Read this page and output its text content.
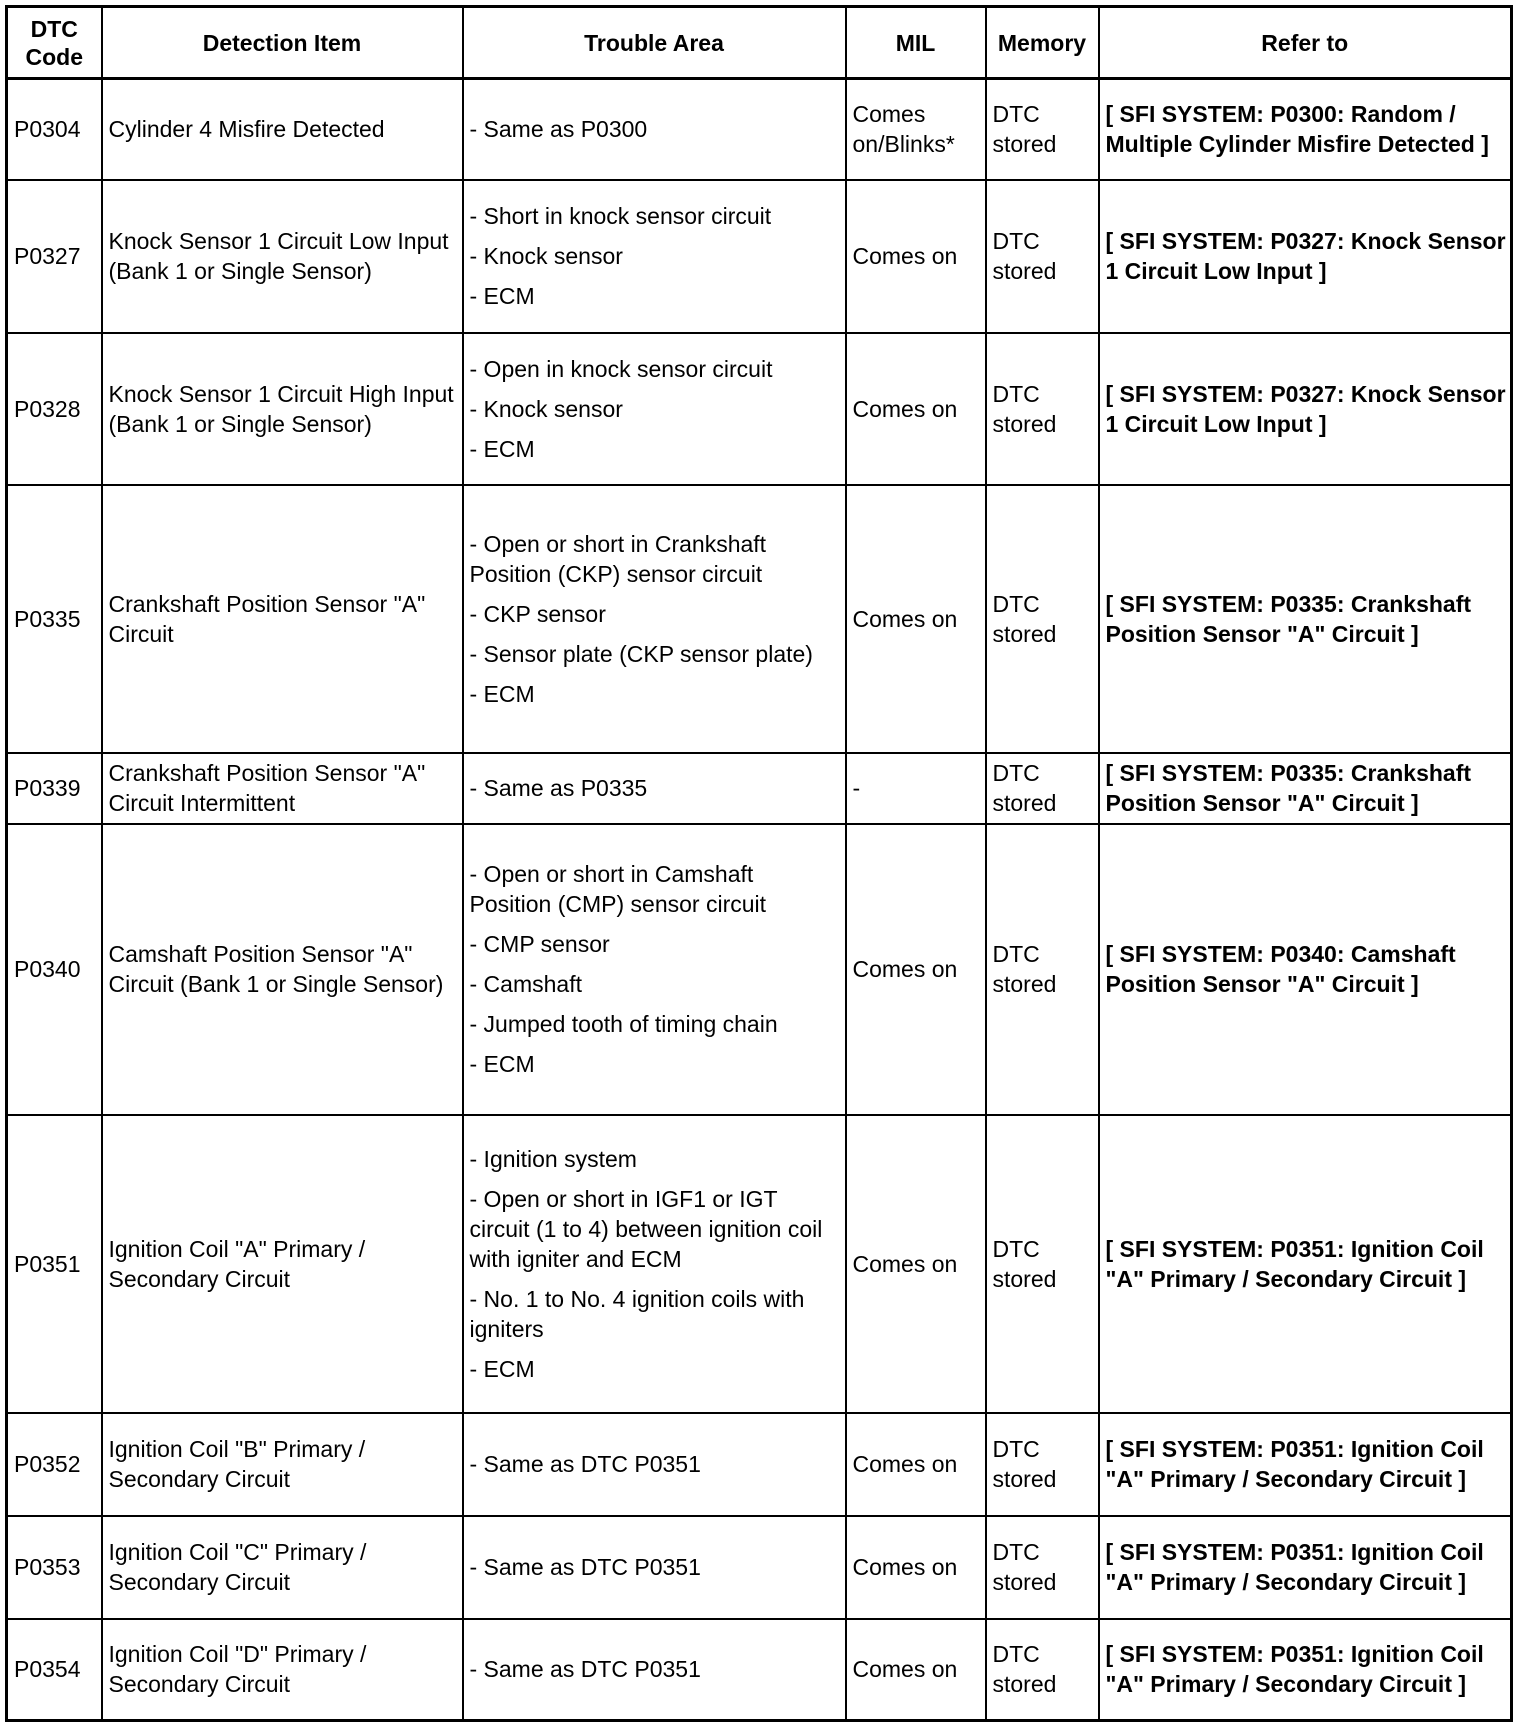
DTC Code	Detection Item	Trouble Area	MIL	Memory	Refer to
P0304	Cylinder 4 Misfire Detected	- Same as P0300	Comes on/Blinks*	DTC stored	[ SFI SYSTEM: P0300: Random / Multiple Cylinder Misfire Detected ]
P0327	Knock Sensor 1 Circuit Low Input (Bank 1 or Single Sensor)	- Short in knock sensor circuit
- Knock sensor
- ECM	Comes on	DTC stored	[ SFI SYSTEM: P0327: Knock Sensor 1 Circuit Low Input ]
P0328	Knock Sensor 1 Circuit High Input (Bank 1 or Single Sensor)	- Open in knock sensor circuit
- Knock sensor
- ECM	Comes on	DTC stored	[ SFI SYSTEM: P0327: Knock Sensor 1 Circuit Low Input ]
P0335	Crankshaft Position Sensor "A" Circuit	- Open or short in Crankshaft Position (CKP) sensor circuit
- CKP sensor
- Sensor plate (CKP sensor plate)
- ECM	Comes on	DTC stored	[ SFI SYSTEM: P0335: Crankshaft Position Sensor "A" Circuit ]
P0339	Crankshaft Position Sensor "A" Circuit Intermittent	- Same as P0335	-	DTC stored	[ SFI SYSTEM: P0335: Crankshaft Position Sensor "A" Circuit ]
P0340	Camshaft Position Sensor "A" Circuit (Bank 1 or Single Sensor)	- Open or short in Camshaft Position (CMP) sensor circuit
- CMP sensor
- Camshaft
- Jumped tooth of timing chain
- ECM	Comes on	DTC stored	[ SFI SYSTEM: P0340: Camshaft Position Sensor "A" Circuit ]
P0351	Ignition Coil "A" Primary / Secondary Circuit	- Ignition system
- Open or short in IGF1 or IGT circuit (1 to 4) between ignition coil with igniter and ECM
- No. 1 to No. 4 ignition coils with igniters
- ECM	Comes on	DTC stored	[ SFI SYSTEM: P0351: Ignition Coil "A" Primary / Secondary Circuit ]
P0352	Ignition Coil "B" Primary / Secondary Circuit	- Same as DTC P0351	Comes on	DTC stored	[ SFI SYSTEM: P0351: Ignition Coil "A" Primary / Secondary Circuit ]
P0353	Ignition Coil "C" Primary / Secondary Circuit	- Same as DTC P0351	Comes on	DTC stored	[ SFI SYSTEM: P0351: Ignition Coil "A" Primary / Secondary Circuit ]
P0354	Ignition Coil "D" Primary / Secondary Circuit	- Same as DTC P0351	Comes on	DTC stored	[ SFI SYSTEM: P0351: Ignition Coil "A" Primary / Secondary Circuit ]
